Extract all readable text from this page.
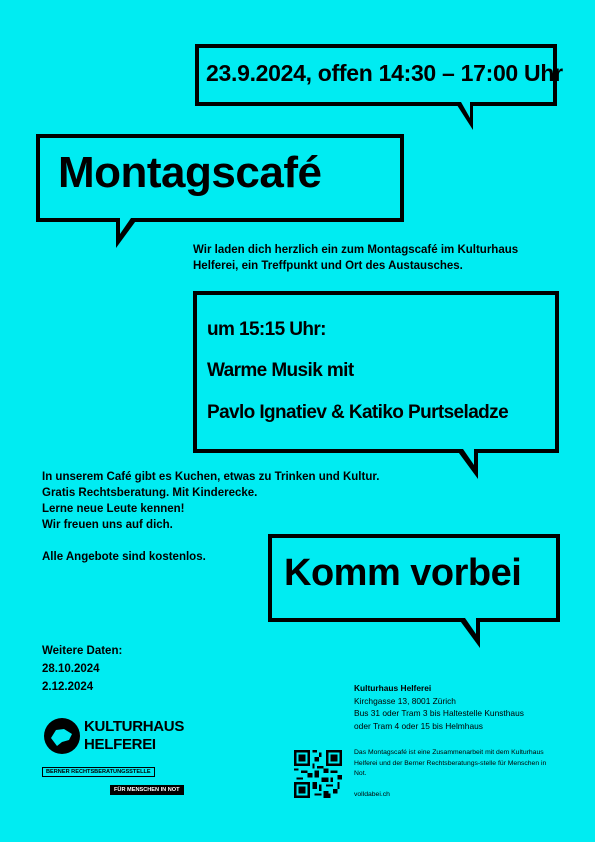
23.9.2024, offen 14:30 – 17:00 Uhr
Montagscafé
Wir laden dich herzlich ein zum Montagscafé im Kulturhaus Helferei, ein Treffpunkt und Ort des Austausches.
um 15:15 Uhr:
Warme Musik mit
Pavlo Ignatiev & Katiko Purtseladze
In unserem Café gibt es Kuchen, etwas zu Trinken und Kultur.
Gratis Rechtsberatung. Mit Kinderecke.
Lerne neue Leute kennen!
Wir freuen uns auf dich.
Alle Angebote sind kostenlos.	Komm vorbei
Weitere Daten:
28.10.2024
2.12.2024
KULTURHAUS
HELFEREI
BERNER RECHTSBERATUNGSSTELLE
FÜR MENSCHEN IN NOT
Kulturhaus Helferei
Kirchgasse 13, 8001 Zürich
Bus 31 oder Tram 3 bis Haltestelle Kunsthaus
oder Tram 4 oder 15 bis Helmhaus
Das Montagscafé ist eine Zusammenarbeit mit dem Kulturhaus Helferei und der Berner Rechtsberatungs-stelle für Menschen in Not.
volldabei.ch
